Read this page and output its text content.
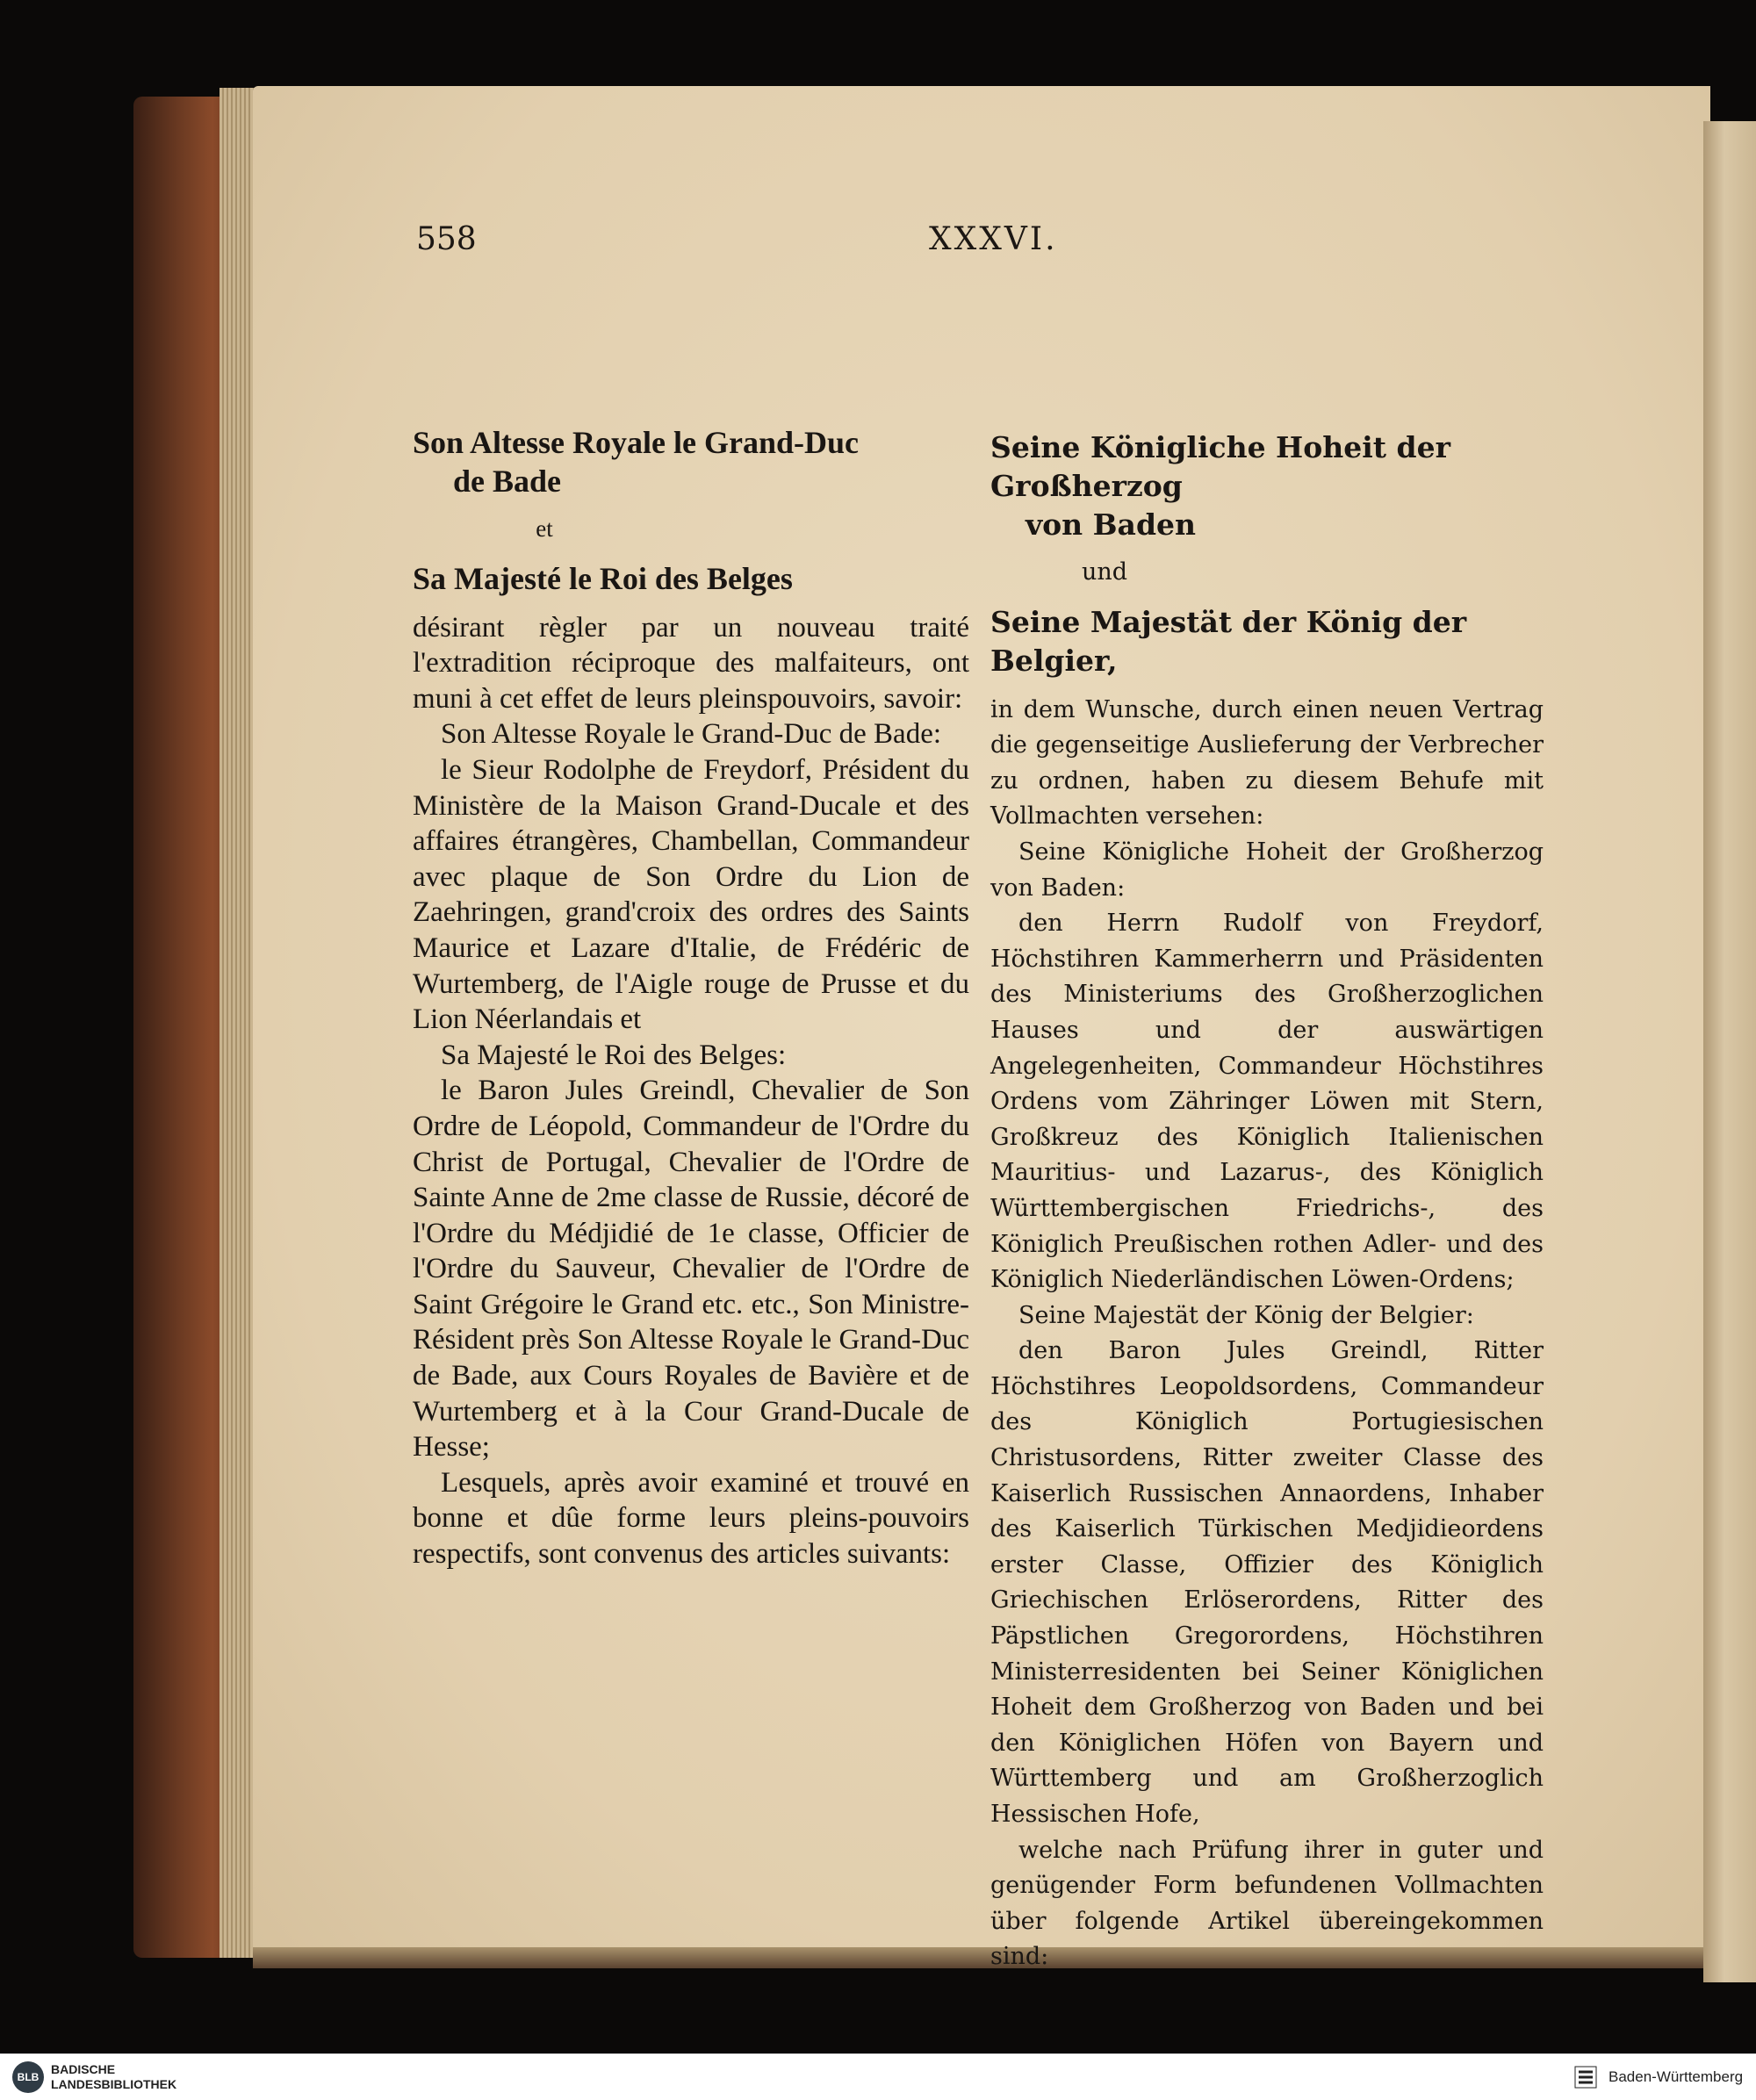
558	XXXVI.
Son Altesse Royale le Grand-Duc
de Bade
et
Sa Majesté le Roi des Belges

désirant règler par un nouveau traité l'extradition réciproque des malfaiteurs, ont muni à cet effet de leurs pleinspouvoirs, savoir:

Son Altesse Royale le Grand-Duc de Bade:

le Sieur Rodolphe de Freydorf, Président du Ministère de la Maison Grand-Ducale et des affaires étrangères, Chambellan, Commandeur avec plaque de Son Ordre du Lion de Zaehringen, grand'croix des ordres des Saints Maurice et Lazare d'Italie, de Frédéric de Wurtemberg, de l'Aigle rouge de Prusse et du Lion Néerlandais et

Sa Majesté le Roi des Belges:

le Baron Jules Greindl, Chevalier de Son Ordre de Léopold, Commandeur de l'Ordre du Christ de Portugal, Chevalier de l'Ordre de Sainte Anne de 2me classe de Russie, décoré de l'Ordre du Médjidié de 1e classe, Officier de l'Ordre du Sauveur, Chevalier de l'Ordre de Saint Grégoire le Grand etc. etc., Son Ministre-Résident près Son Altesse Royale le Grand-Duc de Bade, aux Cours Royales de Bavière et de Wurtemberg et à la Cour Grand-Ducale de Hesse;

Lesquels, après avoir examiné et trouvé en bonne et dûe forme leurs pleins-pouvoirs respectifs, sont convenus des articles suivants:

Seine Königliche Hoheit der Großherzog
von Baden
und
Seine Majestät der König der Belgier,

in dem Wunsche, durch einen neuen Vertrag die gegenseitige Auslieferung der Verbrecher zu ordnen, haben zu diesem Behufe mit Vollmachten versehen:

Seine Königliche Hoheit der Großherzog von Baden:

den Herrn Rudolf von Freydorf, Höchstihren Kammerherrn und Präsidenten des Ministeriums des Großherzoglichen Hauses und der auswärtigen Angelegenheiten, Commandeur Höchstihres Ordens vom Zähringer Löwen mit Stern, Großkreuz des Königlich Italienischen Mauritius- und Lazarus-, des Königlich Württembergischen Friedrichs-, des Königlich Preußischen rothen Adler- und des Königlich Niederländischen Löwen-Ordens;

Seine Majestät der König der Belgier:

den Baron Jules Greindl, Ritter Höchstihres Leopoldsordens, Commandeur des Königlich Portugiesischen Christusordens, Ritter zweiter Classe des Kaiserlich Russischen Annaordens, Inhaber des Kaiserlich Türkischen Medjidieordens erster Classe, Offizier des Königlich Griechischen Erlöserordens, Ritter des Päpstlichen Gregorordens, Höchstihren Ministerresidenten bei Seiner Königlichen Hoheit dem Großherzog von Baden und bei den Königlichen Höfen von Bayern und Württemberg und am Großherzoglich Hessischen Hofe,

welche nach Prüfung ihrer in guter und genügender Form befundenen Vollmachten über folgende Artikel übereingekommen sind:

BLB
BADISCHE
LANDESBIBLIOTHEK	Baden-Württemberg
